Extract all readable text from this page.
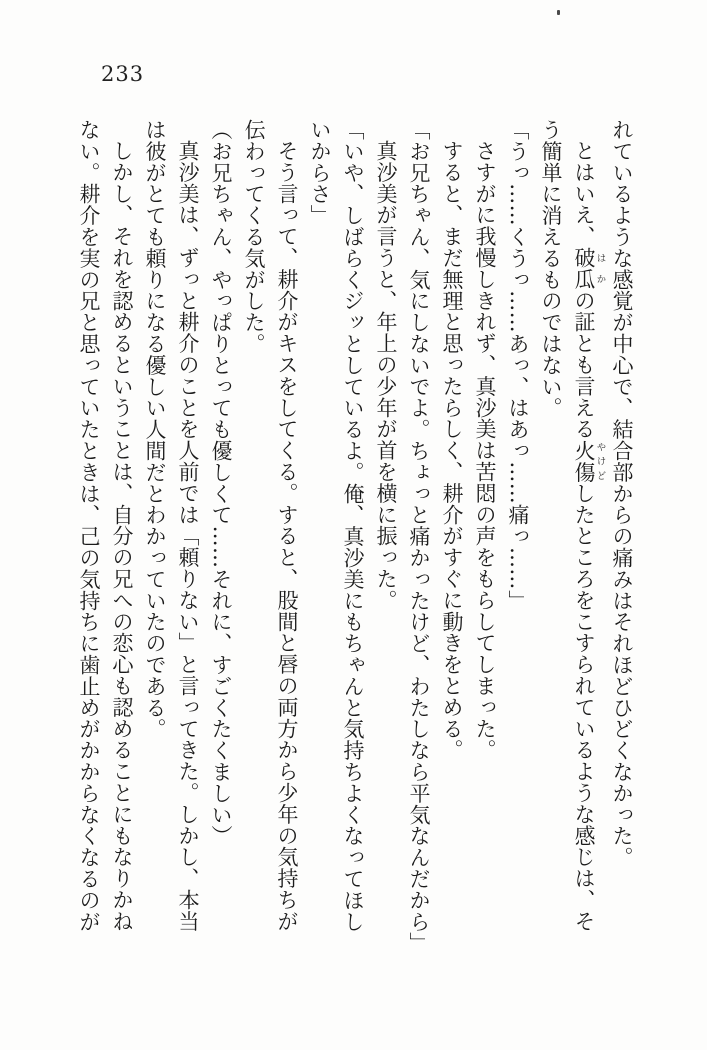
233

れているような感覚が中心で、結合部からの痛みはそれほどひどくなかった。

とはいえ、破瓜はかの証とも言える火傷やけどしたところをこすられているような感じは、そ

う簡単に消えるものではない。

「うっ……くうっ……あっ、はあっ……痛っ……」

さすがに我慢しきれず、真沙美は苦悶の声をもらしてしまった。

すると、まだ無理と思ったらしく、耕介がすぐに動きをとめる。

「お兄ちゃん、気にしないでよ。ちょっと痛かったけど、わたしなら平気なんだから」

真沙美が言うと、年上の少年が首を横に振った。

「いや、しばらくジッとしているよ。俺、真沙美にもちゃんと気持ちよくなってほし

いからさ」

そう言って、耕介がキスをしてくる。すると、股間と唇の両方から少年の気持ちが

伝わってくる気がした。

（お兄ちゃん、やっぱりとっても優しくて……それに、すごくたくましい）

真沙美は、ずっと耕介のことを人前では「頼りない」と言ってきた。しかし、本当

は彼がとても頼りになる優しい人間だとわかっていたのである。

しかし、それを認めるということは、自分の兄への恋心も認めることにもなりかね

ない。耕介を実の兄と思っていたときは、己の気持ちに歯止めがかからなくなるのが
